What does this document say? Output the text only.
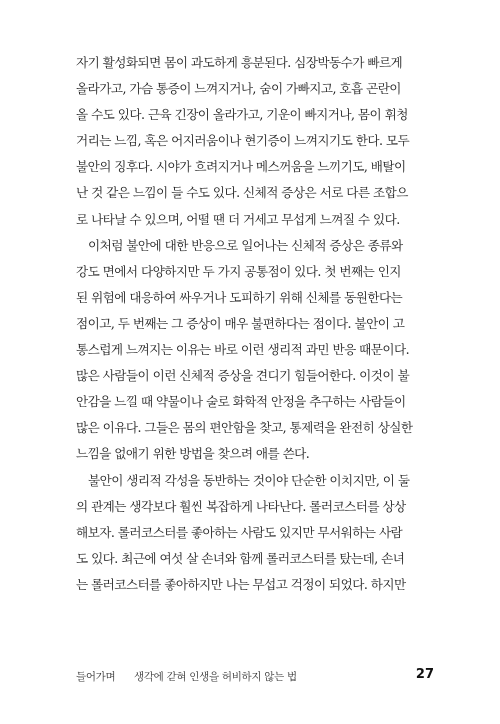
자기 활성화되면 몸이 과도하게 흥분된다. 심장박동수가 빠르게
올라가고, 가슴 통증이 느껴지거나, 숨이 가빠지고, 호흡 곤란이
올 수도 있다. 근육 긴장이 올라가고, 기운이 빠지거나, 몸이 휘청
거리는 느낌, 혹은 어지러움이나 현기증이 느껴지기도 한다. 모두
불안의 징후다. 시야가 흐려지거나 메스꺼움을 느끼기도, 배탈이
난 것 같은 느낌이 들 수도 있다. 신체적 증상은 서로 다른 조합으
로 나타날 수 있으며, 어떨 땐 더 거세고 무섭게 느껴질 수 있다.

이처럼 불안에 대한 반응으로 일어나는 신체적 증상은 종류와
강도 면에서 다양하지만 두 가지 공통점이 있다. 첫 번째는 인지
된 위험에 대응하여 싸우거나 도피하기 위해 신체를 동원한다는
점이고, 두 번째는 그 증상이 매우 불편하다는 점이다. 불안이 고
통스럽게 느껴지는 이유는 바로 이런 생리적 과민 반응 때문이다.
많은 사람들이 이런 신체적 증상을 견디기 힘들어한다. 이것이 불
안감을 느낄 때 약물이나 술로 화학적 안정을 추구하는 사람들이
많은 이유다. 그들은 몸의 편안함을 찾고, 통제력을 완전히 상실한
느낌을 없애기 위한 방법을 찾으려 애를 쓴다.

불안이 생리적 각성을 동반하는 것이야 단순한 이치지만, 이 둘
의 관계는 생각보다 훨씬 복잡하게 나타난다. 롤러코스터를 상상
해보자. 롤러코스터를 좋아하는 사람도 있지만 무서워하는 사람
도 있다. 최근에 여섯 살 손녀와 함께 롤러코스터를 탔는데, 손녀
는 롤러코스터를 좋아하지만 나는 무섭고 걱정이 되었다. 하지만

들어가며 생각에 갇혀 인생을 허비하지 않는 법	27
